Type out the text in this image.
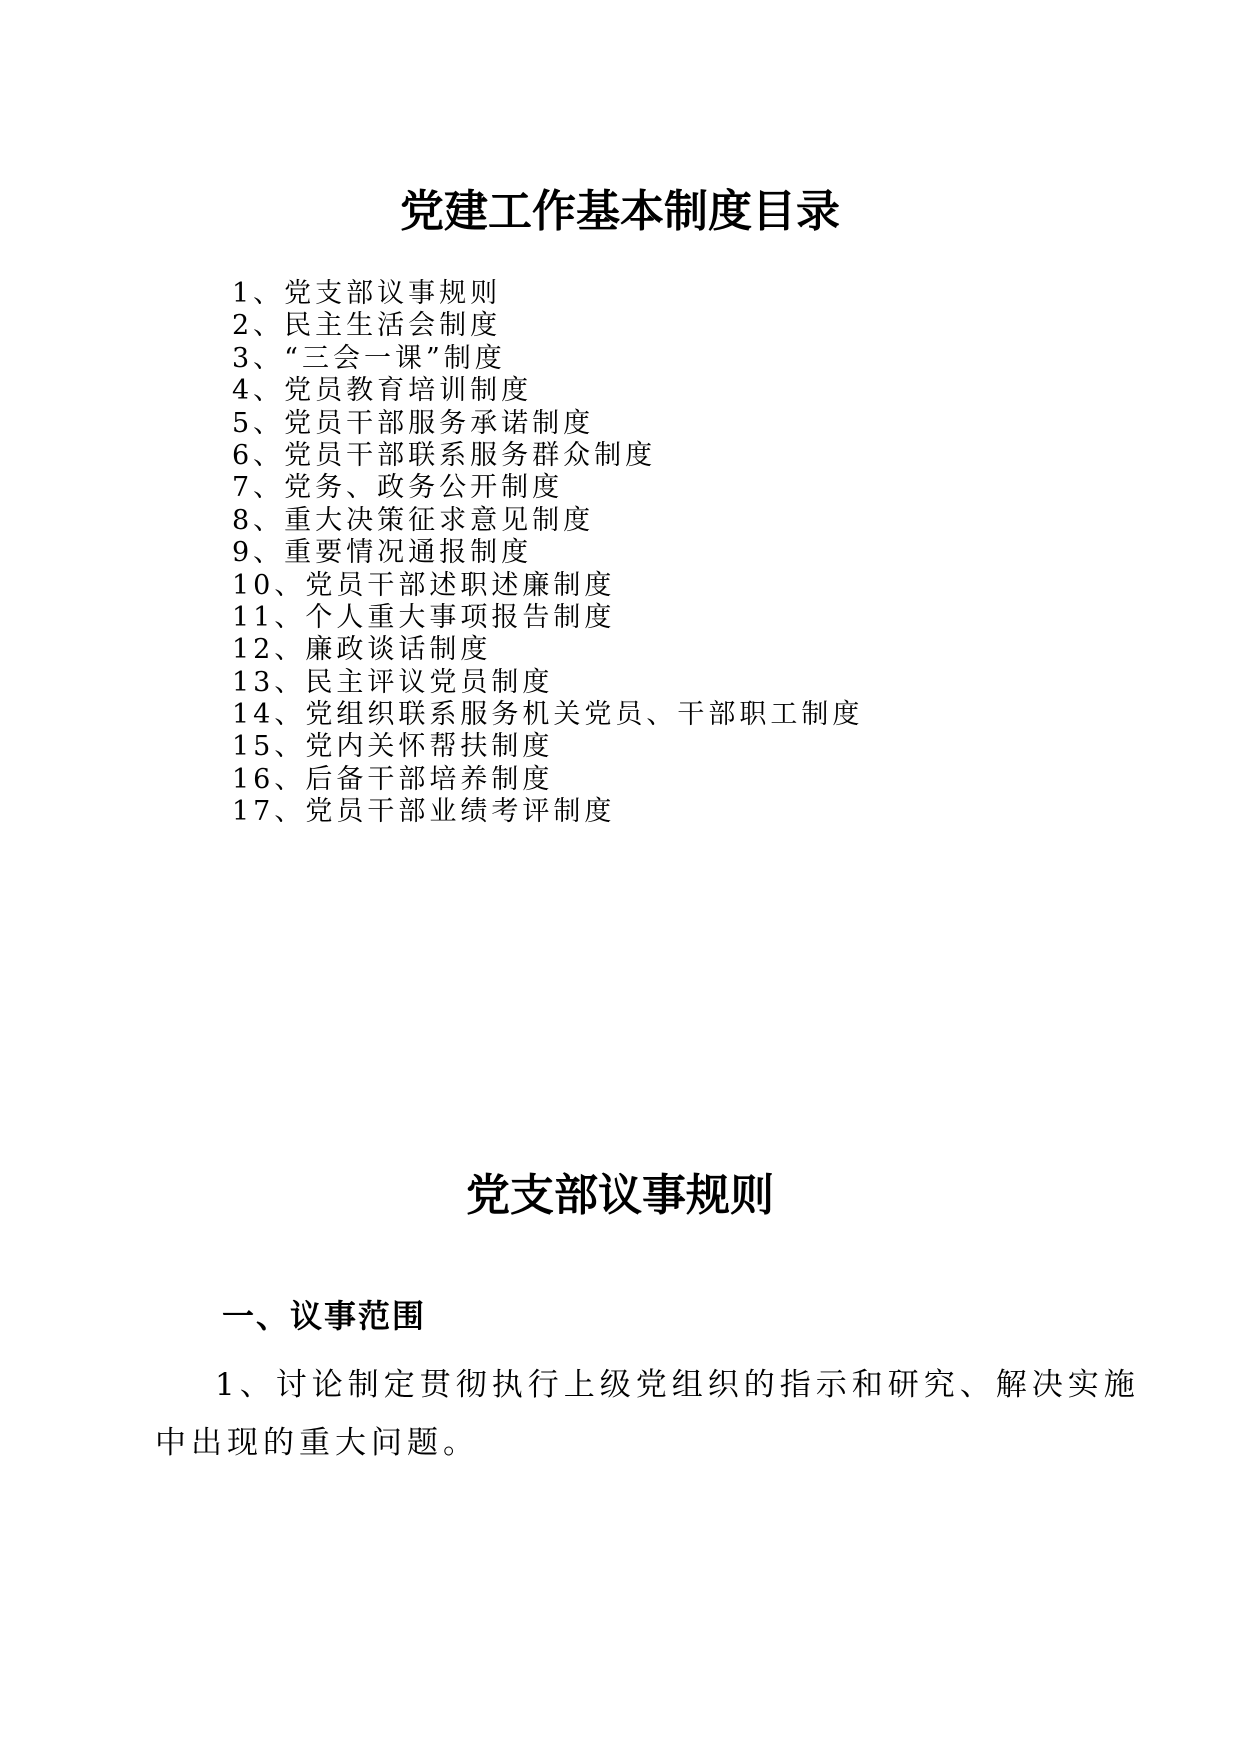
党建工作基本制度目录
1、党支部议事规则
2、民主生活会制度
3、“三会一课”制度
4、党员教育培训制度
5、党员干部服务承诺制度
6、党员干部联系服务群众制度
7、党务、政务公开制度
8、重大决策征求意见制度
9、重要情况通报制度
10、党员干部述职述廉制度
11、个人重大事项报告制度
12、廉政谈话制度
13、民主评议党员制度
14、党组织联系服务机关党员、干部职工制度
15、党内关怀帮扶制度
16、后备干部培养制度
17、党员干部业绩考评制度
党支部议事规则
一、议事范围

1、讨论制定贯彻执行上级党组织的指示和研究、解决实施
中出现的重大问题。
